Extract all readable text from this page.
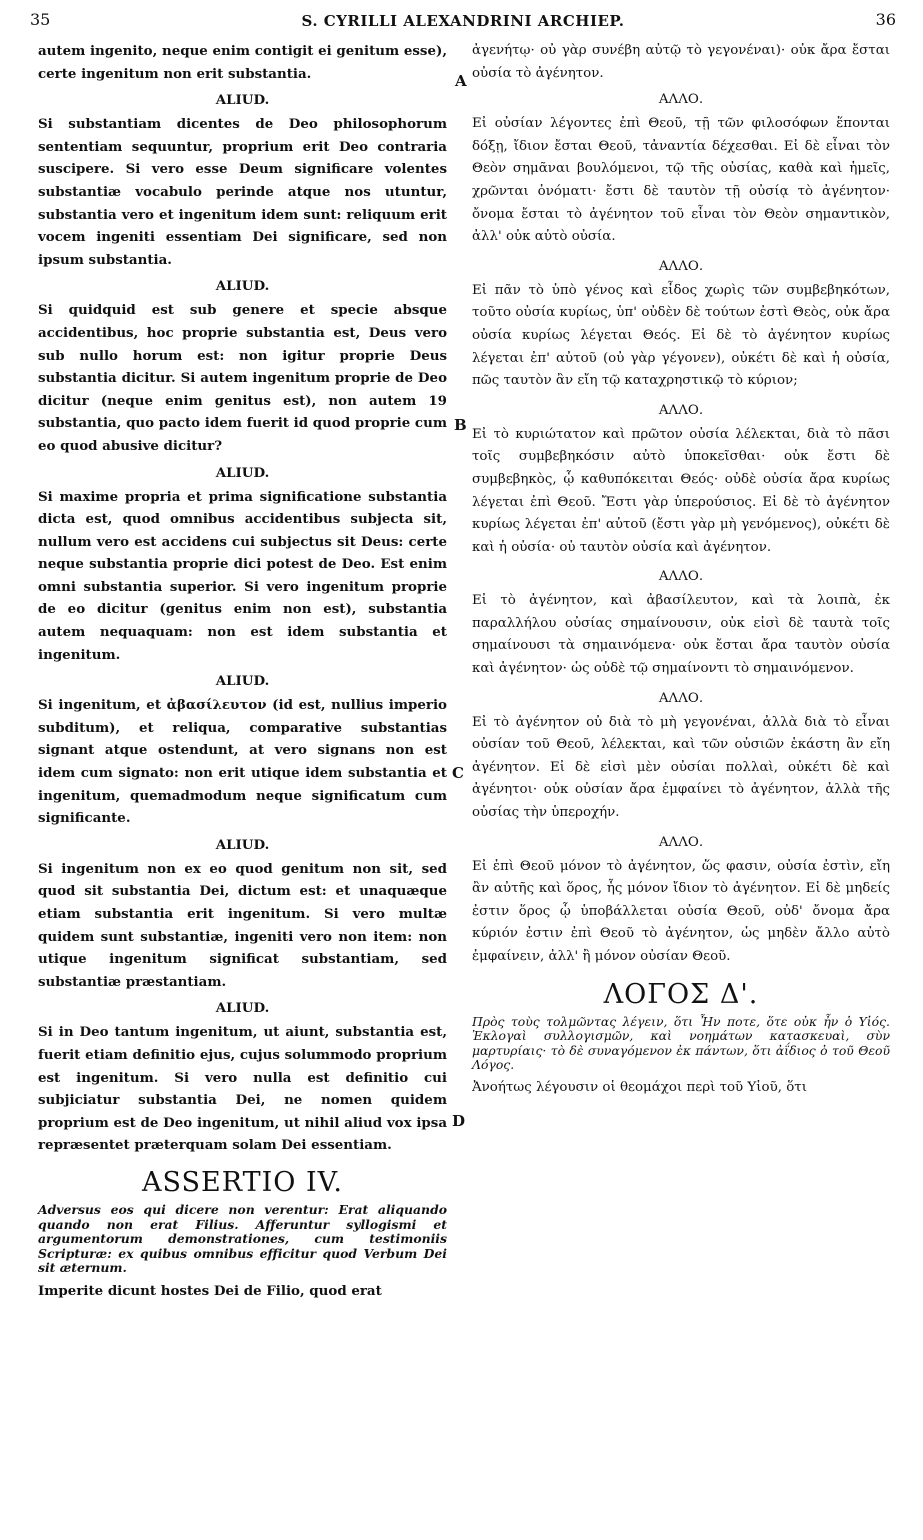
35	S. CYRILLI ALEXANDRINI ARCHIEP.	36
A
B
C
D

autem ingenito, neque enim contigit ei genitum esse), certe ingenitum non erit substantia.

ALIUD.

Si substantiam dicentes de Deo philosophorum sententiam sequuntur, proprium erit Deo contraria suscipere. Si vero esse Deum significare volentes substantiæ vocabulo perinde atque nos utuntur, substantia vero et ingenitum idem sunt: reliquum erit vocem ingeniti essentiam Dei significare, sed non ipsum substantia.

ALIUD.

Si quidquid est sub genere et specie absque accidentibus, hoc proprie substantia est, Deus vero sub nullo horum est: non igitur proprie Deus substantia dicitur. Si autem ingenitum proprie de Deo dicitur (neque enim genitus est), non autem 19 substantia, quo pacto idem fuerit id quod proprie cum eo quod abusive dicitur?

ALIUD.

Si maxime propria et prima significatione substantia dicta est, quod omnibus accidentibus subjecta sit, nullum vero est accidens cui subjectus sit Deus: certe neque substantia proprie dici potest de Deo. Est enim omni substantia superior. Si vero ingenitum proprie de eo dicitur (genitus enim non est), substantia autem nequaquam: non est idem substantia et ingenitum.

ALIUD.

Si ingenitum, et ἀβασίλευτον (id est, nullius imperio subditum), et reliqua, comparative substantias signant atque ostendunt, at vero signans non est idem cum signato: non erit utique idem substantia et ingenitum, quemadmodum neque significatum cum significante.

ALIUD.

Si ingenitum non ex eo quod genitum non sit, sed quod sit substantia Dei, dictum est: et unaquæque etiam substantia erit ingenitum. Si vero multæ quidem sunt substantiæ, ingeniti vero non item: non utique ingenitum significat substantiam, sed substantiæ præstantiam.

ALIUD.

Si in Deo tantum ingenitum, ut aiunt, substantia est, fuerit etiam definitio ejus, cujus solummodo proprium est ingenitum. Si vero nulla est definitio cui subjiciatur substantia Dei, ne nomen quidem proprium est de Deo ingenitum, ut nihil aliud vox ipsa repræsentet præterquam solam Dei essentiam.

ASSERTIO IV.

Adversus eos qui dicere non verentur: Erat aliquando quando non erat Filius. Afferuntur syllogismi et argumentorum demonstrationes, cum testimoniis Scripturæ: ex quibus omnibus efficitur quod Verbum Dei sit æternum.

Imperite dicunt hostes Dei de Filio, quod erat

ἀγενήτῳ· οὐ γὰρ συνέβη αὐτῷ τὸ γεγονέναι)· οὐκ ἄρα ἔσται οὐσία τὸ ἀγένητον.

ΑΛΛΟ.

Εἰ οὐσίαν λέγοντες ἐπὶ Θεοῦ, τῇ τῶν φιλοσόφων ἕπονται δόξῃ, ἴδιον ἔσται Θεοῦ, τἀναντία δέχεσθαι. Εἰ δὲ εἶναι τὸν Θεὸν σημᾶναι βουλόμενοι, τῷ τῆς οὐσίας, καθὰ καὶ ἡμεῖς, χρῶνται ὀνόματι· ἔστι δὲ ταυτὸν τῇ οὐσίᾳ τὸ ἀγένητον· ὄνομα ἔσται τὸ ἀγένητον τοῦ εἶναι τὸν Θεὸν σημαντικὸν, ἀλλ' οὐκ αὐτὸ οὐσία.

ΑΛΛΟ.

Εἰ πᾶν τὸ ὑπὸ γένος καὶ εἶδος χωρὶς τῶν συμβεβηκότων, τοῦτο οὐσία κυρίως, ὑπ' οὐδὲν δὲ τούτων ἐστὶ Θεὸς, οὐκ ἄρα οὐσία κυρίως λέγεται Θεός. Εἰ δὲ τὸ ἀγένητον κυρίως λέγεται ἐπ' αὐτοῦ (οὐ γὰρ γέγονεν), οὐκέτι δὲ καὶ ἡ οὐσία, πῶς ταυτὸν ἂν εἴη τῷ καταχρηστικῷ τὸ κύριον;

ΑΛΛΟ.

Εἰ τὸ κυριώτατον καὶ πρῶτον οὐσία λέλεκται, διὰ τὸ πᾶσι τοῖς συμβεβηκόσιν αὐτὸ ὑποκεῖσθαι· οὐκ ἔστι δὲ συμβεβηκὸς, ᾧ καθυπόκειται Θεός· οὐδὲ οὐσία ἄρα κυρίως λέγεται ἐπὶ Θεοῦ. Ἔστι γὰρ ὑπερούσιος. Εἰ δὲ τὸ ἀγένητον κυρίως λέγεται ἐπ' αὐτοῦ (ἔστι γὰρ μὴ γενόμενος), οὐκέτι δὲ καὶ ἡ οὐσία· οὐ ταυτὸν οὐσία καὶ ἀγένητον.

ΑΛΛΟ.

Εἰ τὸ ἀγένητον, καὶ ἀβασίλευτον, καὶ τὰ λοιπὰ, ἐκ παραλλήλου οὐσίας σημαίνουσιν, οὐκ εἰσὶ δὲ ταυτὰ τοῖς σημαίνουσι τὰ σημαινόμενα· οὐκ ἔσται ἄρα ταυτὸν οὐσία καὶ ἀγένητον· ὡς οὐδὲ τῷ σημαίνοντι τὸ σημαινόμενον.

ΑΛΛΟ.

Εἰ τὸ ἀγένητον οὐ διὰ τὸ μὴ γεγονέναι, ἀλλὰ διὰ τὸ εἶναι οὐσίαν τοῦ Θεοῦ, λέλεκται, καὶ τῶν οὐσιῶν ἑκάστη ἂν εἴη ἀγένητον. Εἰ δὲ εἰσὶ μὲν οὐσίαι πολλαὶ, οὐκέτι δὲ καὶ ἀγένητοι· οὐκ οὐσίαν ἄρα ἐμφαίνει τὸ ἀγένητον, ἀλλὰ τῆς οὐσίας τὴν ὑπεροχήν.

ΑΛΛΟ.

Εἰ ἐπὶ Θεοῦ μόνον τὸ ἀγένητον, ὥς φασιν, οὐσία ἐστὶν, εἴη ἂν αὐτῆς καὶ ὅρος, ἧς μόνον ἴδιον τὸ ἀγένητον. Εἰ δὲ μηδείς ἐστιν ὅρος ᾧ ὑποβάλλεται οὐσία Θεοῦ, οὐδ' ὄνομα ἄρα κύριόν ἐστιν ἐπὶ Θεοῦ τὸ ἀγένητον, ὡς μηδὲν ἄλλο αὐτὸ ἐμφαίνειν, ἀλλ' ἢ μόνον οὐσίαν Θεοῦ.

ΛΟΓΟΣ Δ'.

Πρὸς τοὺς τολμῶντας λέγειν, ὅτι Ἦν ποτε, ὅτε οὐκ ἦν ὁ Υἱός. Ἐκλογαὶ συλλογισμῶν, καὶ νοημάτων κατασκευαὶ, σὺν μαρτυρίαις· τὸ δὲ συναγόμενον ἐκ πάντων, ὅτι ἀΐδιος ὁ τοῦ Θεοῦ Λόγος.

Ἀνοήτως λέγουσιν οἱ θεομάχοι περὶ τοῦ Υἱοῦ, ὅτι
